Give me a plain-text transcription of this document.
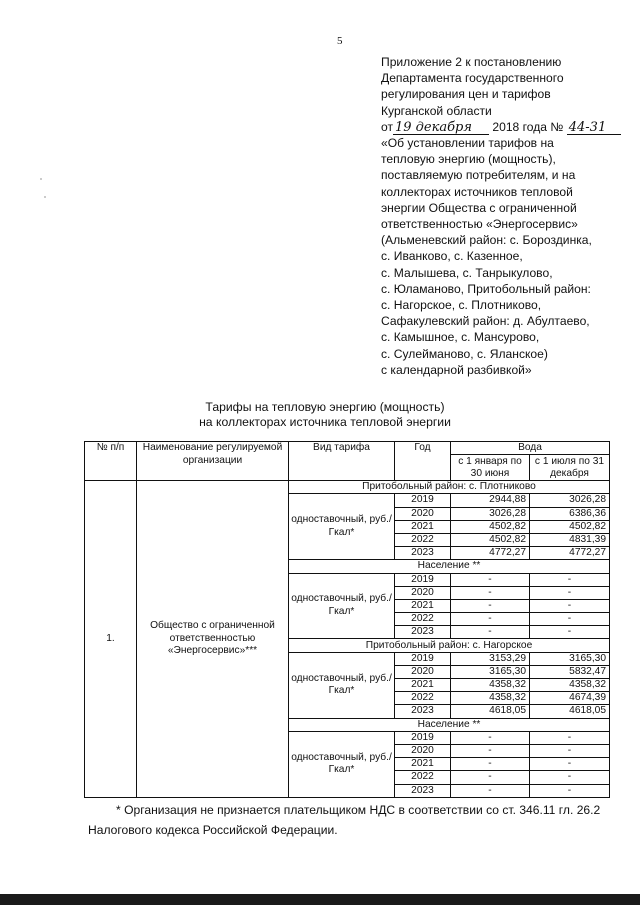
5
Приложение 2 к постановлению
Департамента государственного
регулирования цен и тарифов
Курганской области
от 19 декабря 2018 года № 44-31
«Об установлении тарифов на
тепловую энергию (мощность),
поставляемую потребителям, и на
коллекторах источников тепловой
энергии Общества с ограниченной
ответственностью «Энергосервис»
(Альменевский район: с. Бороздинка,
с. Иванково, с. Казенное,
с. Малышева, с. Танрыкулово,
с. Юламаново, Притобольный район:
с. Нагорское, с. Плотниково,
Сафакулевский район: д. Абултаево,
с. Камышное, с. Мансурово,
с. Сулейманово, с. Яланское)
с календарной разбивкой»
Тарифы на тепловую энергию (мощность)
на коллекторах источника тепловой энергии
№ п/п	Наименование регулируемой организации	Вид тарифа	Год	Вода	
				с 1 января по 30 июня	с 1 июля по 31 декабря
1.	Общество с ограниченной ответственностью «Энергосервис»***	Притобольный район: с. Плотниково			
		одноставочный, руб./Гкал*	2019	2944,88	3026,28
			2020	3026,28	6386,36
			2021	4502,82	4502,82
			2022	4502,82	4831,39
			2023	4772,27	4772,27
		Население **			
		одноставочный, руб./Гкал*	2019	-	-
			2020	-	-
			2021	-	-
			2022	-	-
			2023	-	-
		Притобольный район: с. Нагорское			
		одноставочный, руб./Гкал*	2019	3153,29	3165,30
			2020	3165,30	5832,47
			2021	4358,32	4358,32
			2022	4358,32	4674,39
			2023	4618,05	4618,05
		Население **			
		одноставочный, руб./Гкал*	2019	-	-
			2020	-	-
			2021	-	-
			2022	-	-
			2023	-	-

* Организация не признается плательщиком НДС в соответствии со ст. 346.11 гл. 26.2 Налогового кодекса Российской Федерации.
